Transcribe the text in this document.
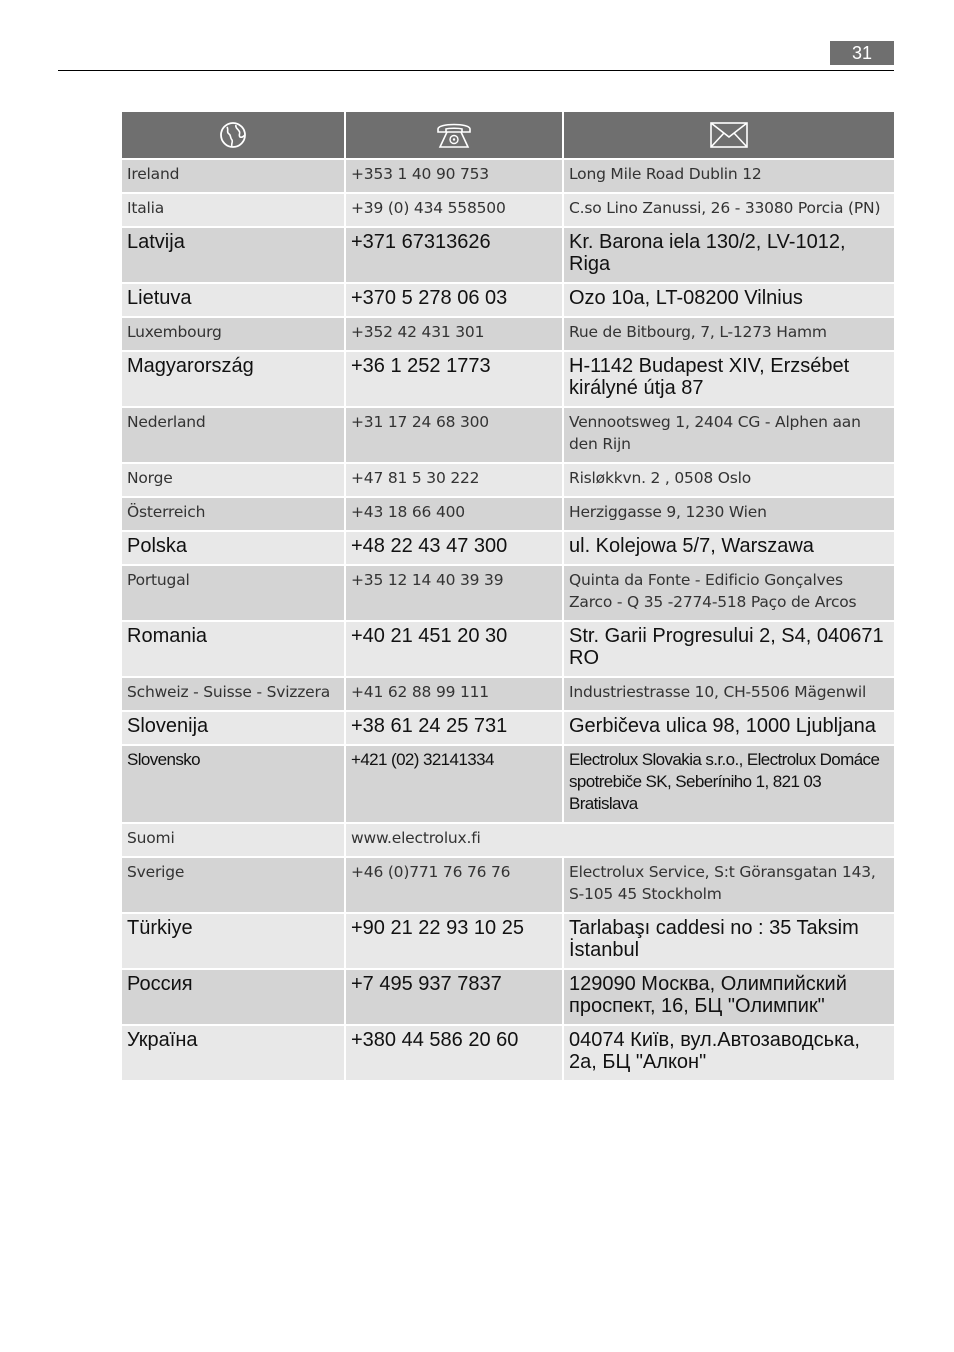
31

Ireland	+353 1 40 90 753	Long Mile Road Dublin 12
Italia	+39 (0) 434 558500	C.so Lino Zanussi, 26 - 33080 Porcia (PN)
Latvija	+371 67313626	Kr. Barona iela 130/2, LV-1012, Riga
Lietuva	+370 5 278 06 03	Ozo 10a, LT-08200 Vilnius
Luxembourg	+352 42 431 301	Rue de Bitbourg, 7, L-1273 Hamm
Magyarország	+36 1 252 1773	H-1142 Budapest XIV, Erzsébet királyné útja 87
Nederland	+31 17 24 68 300	Vennootsweg 1, 2404 CG - Alphen aan den Rijn
Norge	+47 81 5 30 222	Risløkkvn. 2 , 0508 Oslo
Österreich	+43 18 66 400	Herziggasse 9, 1230 Wien
Polska	+48 22 43 47 300	ul. Kolejowa 5/7, Warszawa
Portugal	+35 12 14 40 39 39	Quinta da Fonte - Edificio Gonçalves Zarco - Q 35 -2774-518 Paço de Arcos
Romania	+40 21 451 20 30	Str. Garii Progresului 2, S4, 040671 RO
Schweiz - Suisse - Svizzera	+41 62 88 99 111	Industriestrasse 10, CH-5506 Mägenwil
Slovenija	+38 61 24 25 731	Gerbičeva ulica 98, 1000 Ljubljana
Slovensko	+421 (02) 32141334	Electrolux Slovakia s.r.o., Electrolux Domáce spotrebiče SK, Seberíniho 1, 821 03 Bratislava
Suomi	www.electrolux.fi	
Sverige	+46 (0)771 76 76 76	Electrolux Service, S:t Göransgatan 143, S-105 45 Stockholm
Türkiye	+90 21 22 93 10 25	Tarlabaşı caddesi no : 35 Taksim İstanbul
Россия	+7 495 937 7837	129090 Москва, Олимпийский проспект, 16, БЦ "Олимпик"
Україна	+380 44 586 20 60	04074 Київ, вул.Автозаводська, 2a, БЦ "Алкон"
